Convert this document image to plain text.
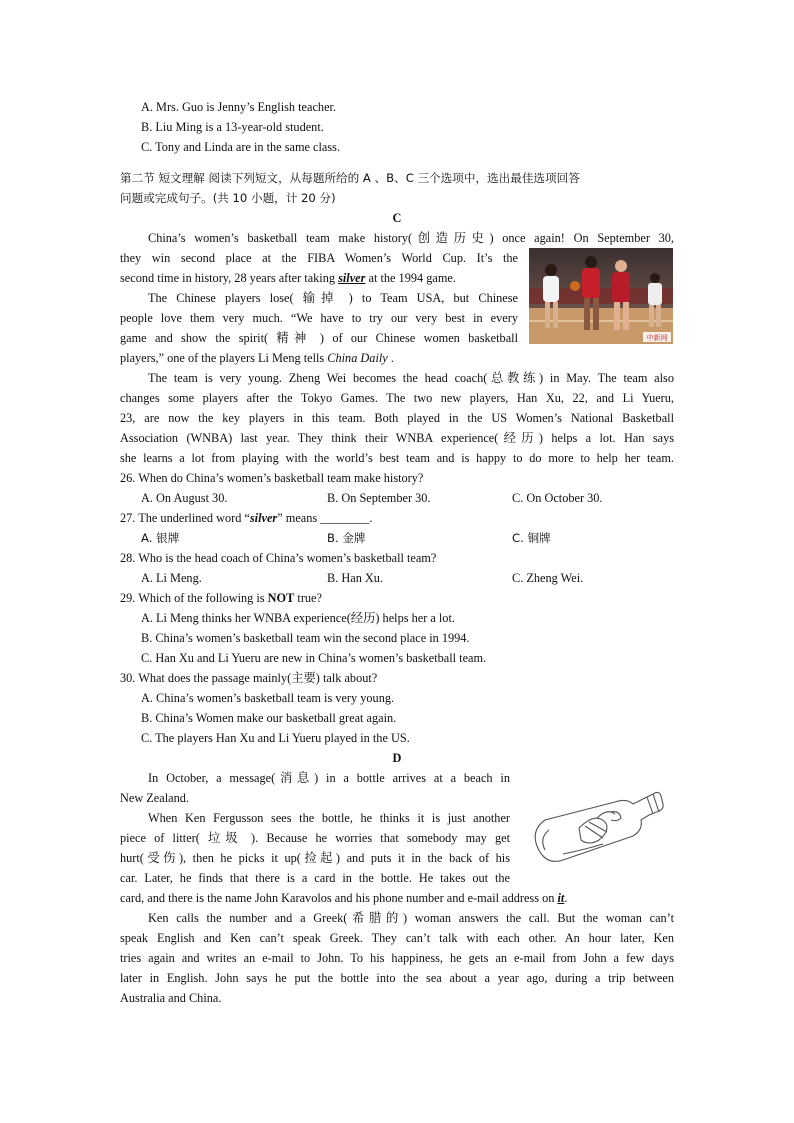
A. Mrs. Guo is Jenny’s English teacher.
B. Liu Ming is a 13-year-old student.
C. Tony and Linda are in the same class.
第二节 短文理解 阅读下列短文，从每题所给的 A 、B、C 三个选项中，选出最佳选项回答
问题或完成句子。(共 10 小题，计 20 分)
C
China’s women’s basketball team make history(创造历史) once again! On September 30,
they win second place at the FIBA Women’s World Cup. It’s the
second time in history, 28 years after taking silver at the 1994 game.
The Chinese players lose( 输掉 ) to Team USA, but Chinese
people love them very much. “We have to try our very best in every
game and show the spirit( 精神 ) of our Chinese women basketball
players,” one of the players Li Meng tells China Daily .
The team is very young. Zheng Wei becomes the head coach(总教练) in May. The team also
changes some players after the Tokyo Games. The two new players, Han Xu, 22, and Li Yueru,
23, are now the key players in this team. Both played in the US Women’s National Basketball
Association (WNBA) last year. They think their WNBA experience(经历) helps a lot. Han says
she learns a lot from playing with the world’s best team and is happy to do more to help her team.
中新网
26. When do China’s women’s basketball team make history?
A. On August 30.	B. On September 30.	C. On October 30.
27. The underlined word “silver” means ________.
A. 银牌	B. 金牌	C. 铜牌
28. Who is the head coach of China’s women’s basketball team?
A. Li Meng.	B. Han Xu.	C. Zheng Wei.
29. Which of the following is NOT true?
A. Li Meng thinks her WNBA experience(经历) helps her a lot.
B. China’s women’s basketball team win the second place in 1994.
C. Han Xu and Li Yueru are new in China’s women’s basketball team.
30. What does the passage mainly(主要) talk about?
A. China’s women’s basketball team is very young.
B. China’s Women make our basketball great again.
C. The players Han Xu and Li Yueru played in the US.
D
In October, a message(消息) in a bottle arrives at a beach in
New Zealand.
When Ken Fergusson sees the bottle, he thinks it is just another
piece of litter( 垃圾 ). Because he worries that somebody may get
hurt(受伤), then he picks it up(捡起) and puts it in the back of his
car. Later, he finds that there is a card in the bottle. He takes out the
card, and there is the name John Karavolos and his phone number and e-mail address on it.
Ken calls the number and a Greek(希腊的) woman answers the call. But the woman can’t
speak English and Ken can’t speak Greek. They can’t talk with each other. An hour later, Ken
tries again and writes an e-mail to John. To his happiness, he gets an e-mail from John a few days
later in English. John says he put the bottle into the sea about a year ago, during a trip between
Australia and China.
